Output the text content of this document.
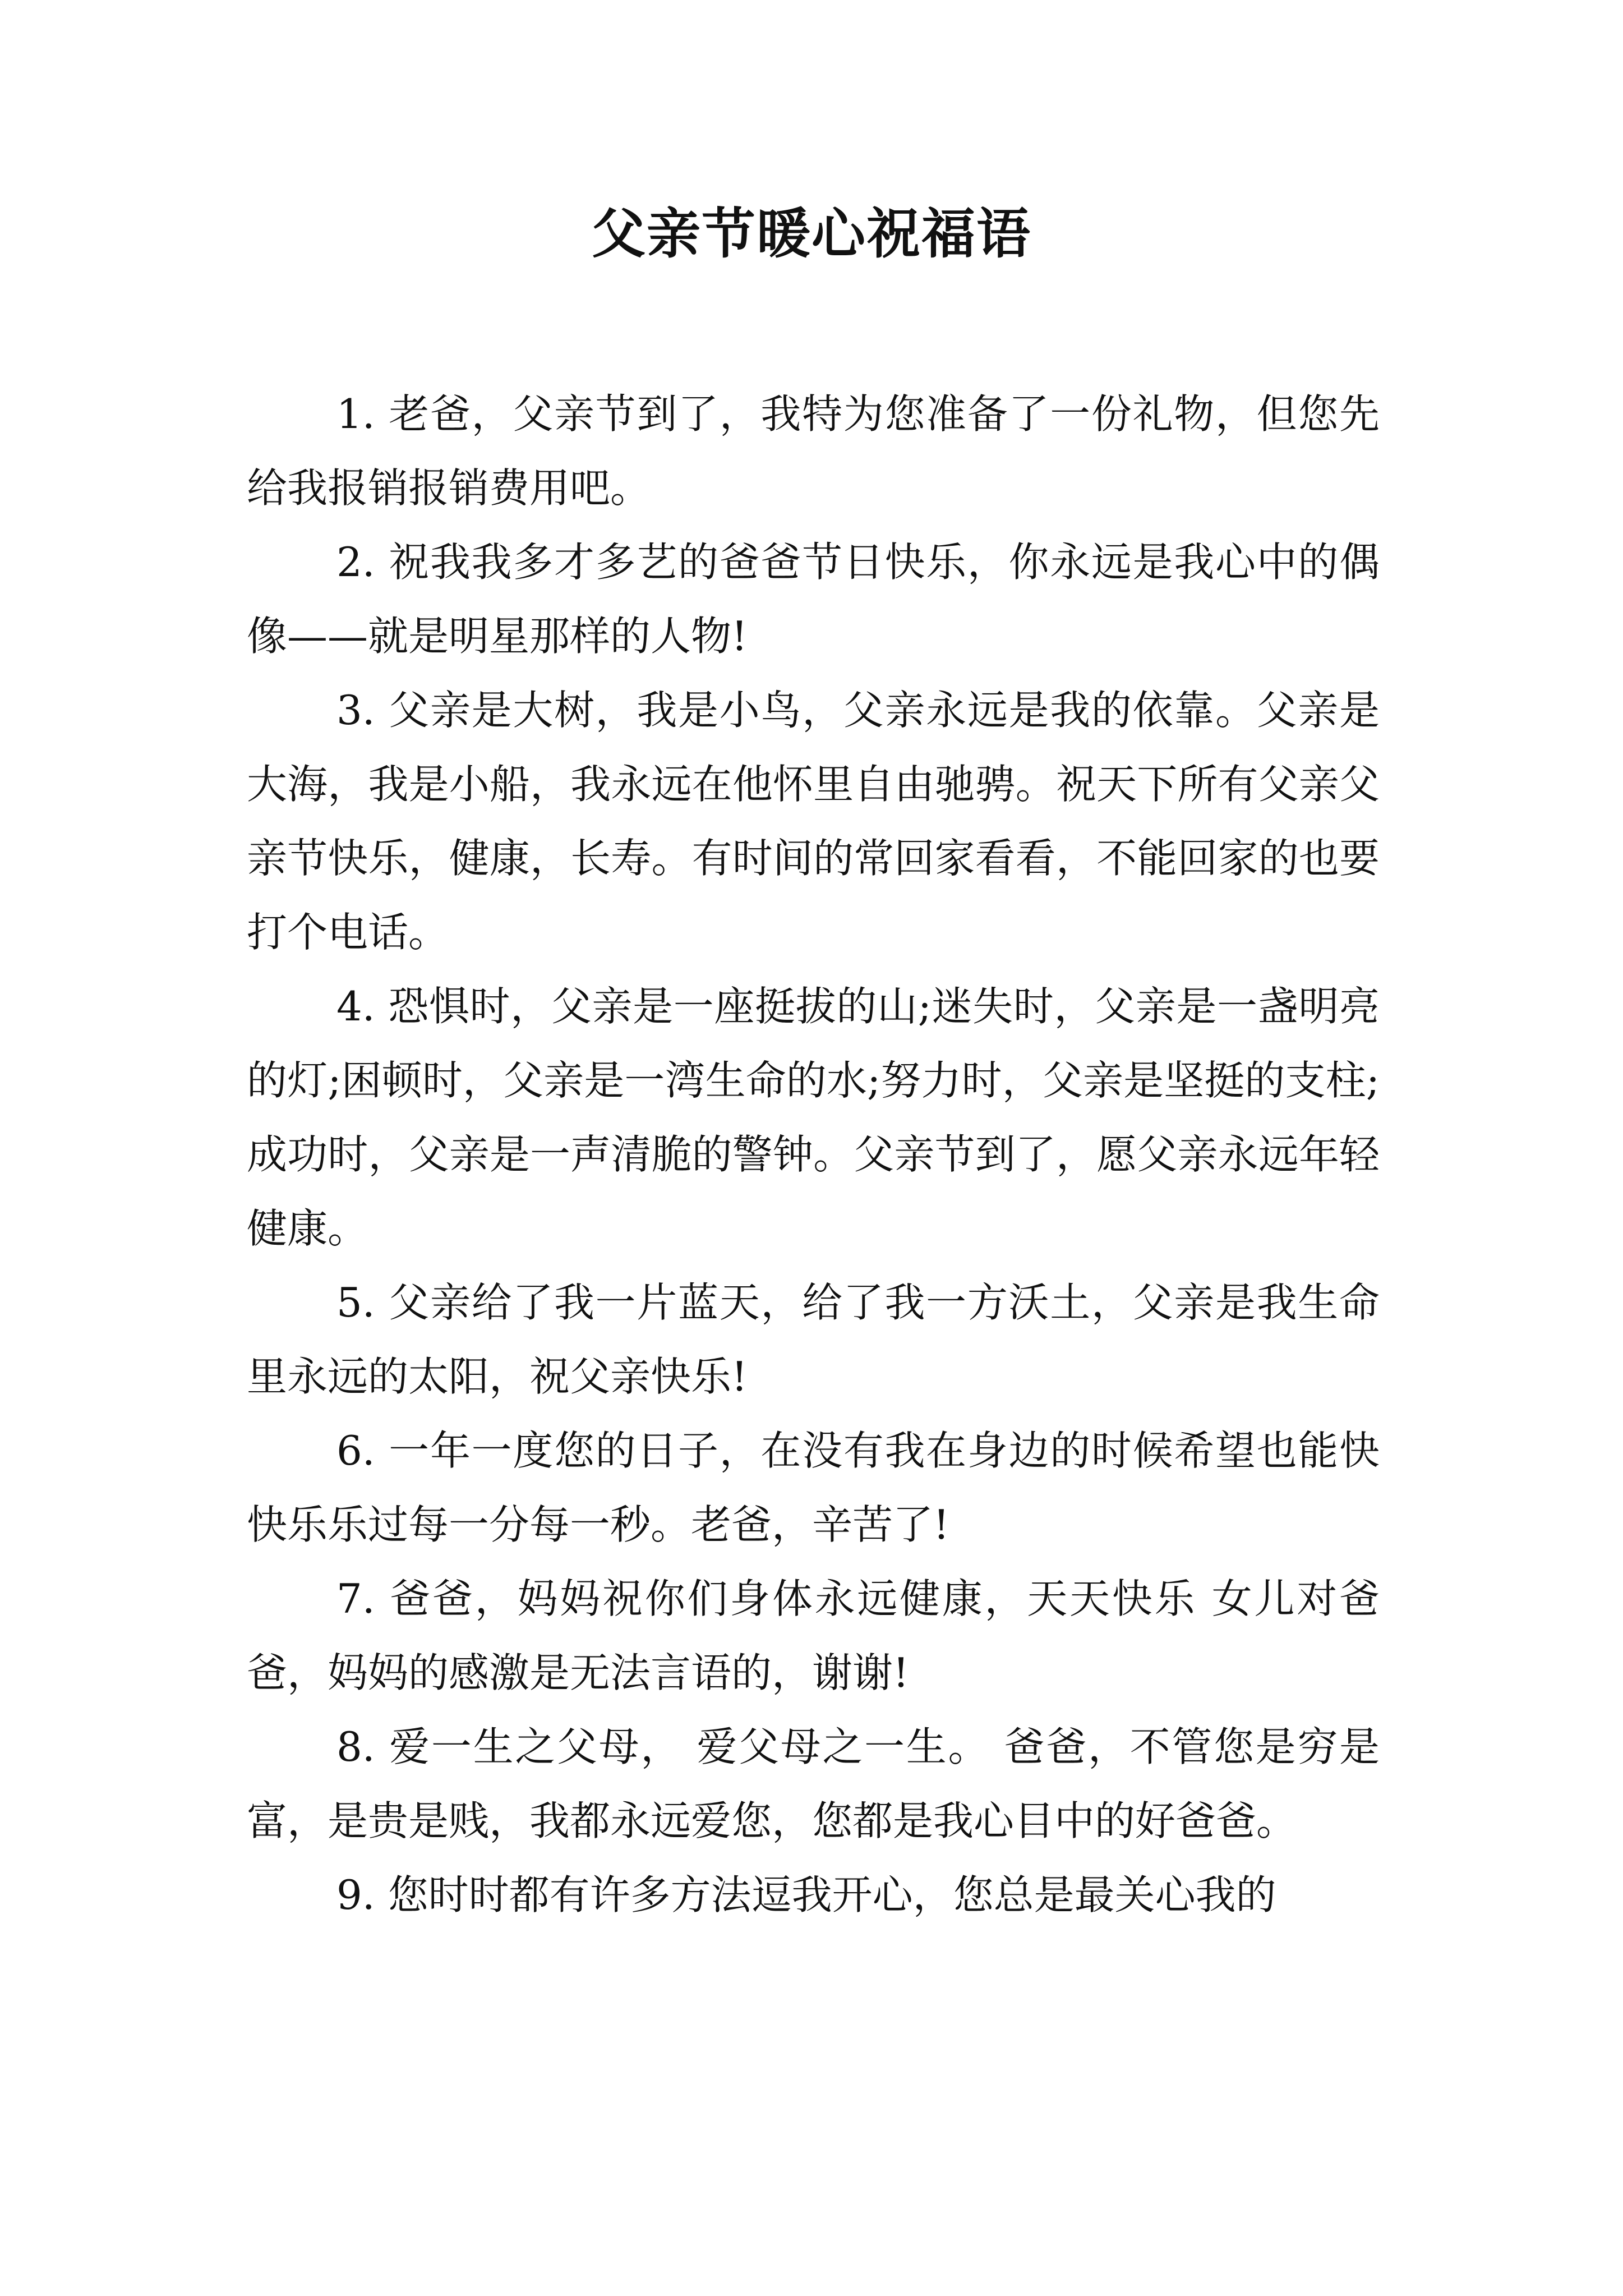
父亲节暖心祝福语

1. 老爸，父亲节到了，我特为您准备了一份礼物，但您先给我报销报销费用吧。

2. 祝我我多才多艺的爸爸节日快乐，你永远是我心中的偶像——就是明星那样的人物!

3. 父亲是大树，我是小鸟，父亲永远是我的依靠。父亲是大海，我是小船，我永远在他怀里自由驰骋。祝天下所有父亲父亲节快乐，健康，长寿。有时间的常回家看看，不能回家的也要打个电话。

4. 恐惧时，父亲是一座挺拔的山;迷失时，父亲是一盏明亮的灯;困顿时，父亲是一湾生命的水;努力时，父亲是坚挺的支柱;成功时，父亲是一声清脆的警钟。父亲节到了，愿父亲永远年轻健康。

5. 父亲给了我一片蓝天，给了我一方沃土，父亲是我生命里永远的太阳，祝父亲快乐!

6. 一年一度您的日子，在没有我在身边的时候希望也能快快乐乐过每一分每一秒。老爸，辛苦了!

7. 爸爸，妈妈祝你们身体永远健康，天天快乐 女儿对爸爸，妈妈的感激是无法言语的，谢谢!

8. 爱一生之父母， 爱父母之一生。 爸爸，不管您是穷是富，是贵是贱，我都永远爱您，您都是我心目中的好爸爸。

9. 您时时都有许多方法逗我开心，您总是最关心我的
